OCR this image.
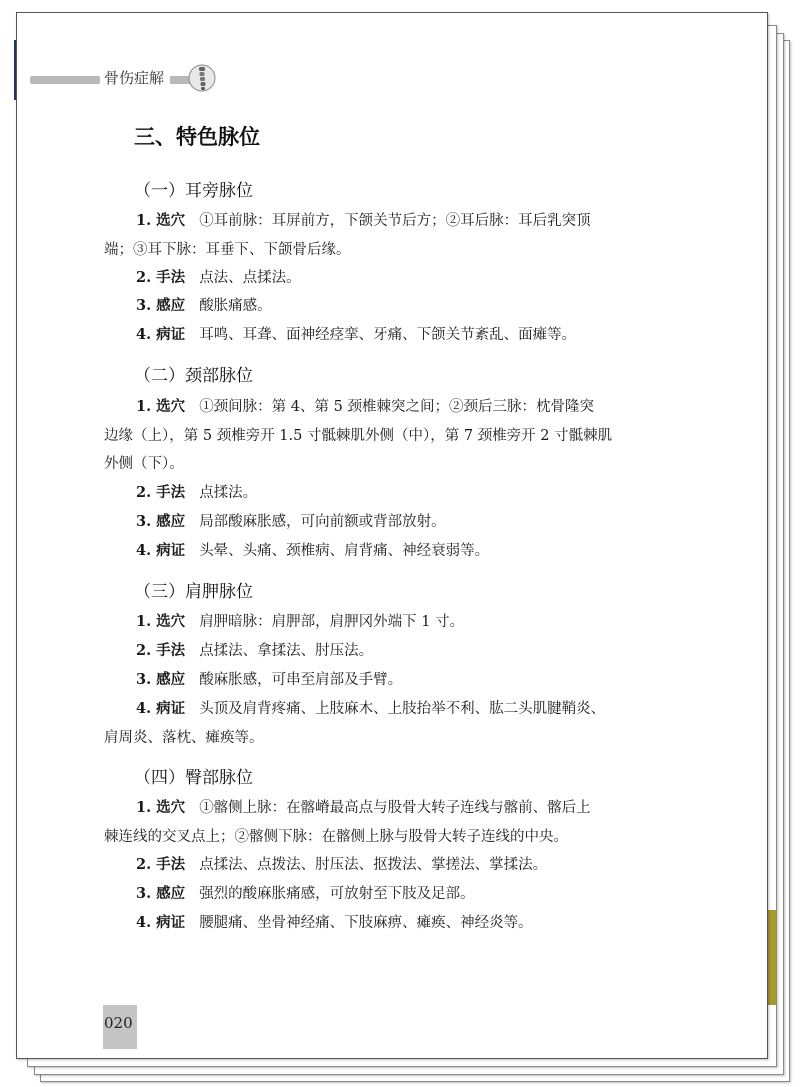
骨伤症解
三、特色脉位
（一）耳旁脉位
1. 选穴 ①耳前脉：耳屏前方，下颌关节后方；②耳后脉：耳后乳突顶
端；③耳下脉：耳垂下、下颌骨后缘。
2. 手法 点法、点揉法。
3. 感应 酸胀痛感。
4. 病证 耳鸣、耳聋、面神经痉挛、牙痛、下颌关节紊乱、面瘫等。
（二）颈部脉位
1. 选穴 ①颈间脉：第 4、第 5 颈椎棘突之间；②颈后三脉：枕骨隆突
边缘（上），第 5 颈椎旁开 1.5 寸骶棘肌外侧（中），第 7 颈椎旁开 2 寸骶棘肌
外侧（下）。
2. 手法 点揉法。
3. 感应 局部酸麻胀感，可向前额或背部放射。
4. 病证 头晕、头痛、颈椎病、肩背痛、神经衰弱等。
（三）肩胛脉位
1. 选穴 肩胛暗脉：肩胛部，肩胛冈外端下 1 寸。
2. 手法 点揉法、拿揉法、肘压法。
3. 感应 酸麻胀感，可串至肩部及手臂。
4. 病证 头顶及肩背疼痛、上肢麻木、上肢抬举不利、肱二头肌腱鞘炎、
肩周炎、落枕、瘫痪等。
（四）臀部脉位
1. 选穴 ①髂侧上脉：在髂嵴最高点与股骨大转子连线与髂前、髂后上
棘连线的交叉点上；②髂侧下脉：在髂侧上脉与股骨大转子连线的中央。
2. 手法 点揉法、点拨法、肘压法、抠拨法、掌搓法、掌揉法。
3. 感应 强烈的酸麻胀痛感，可放射至下肢及足部。
4. 病证 腰腿痛、坐骨神经痛、下肢麻痹、瘫痪、神经炎等。
020
